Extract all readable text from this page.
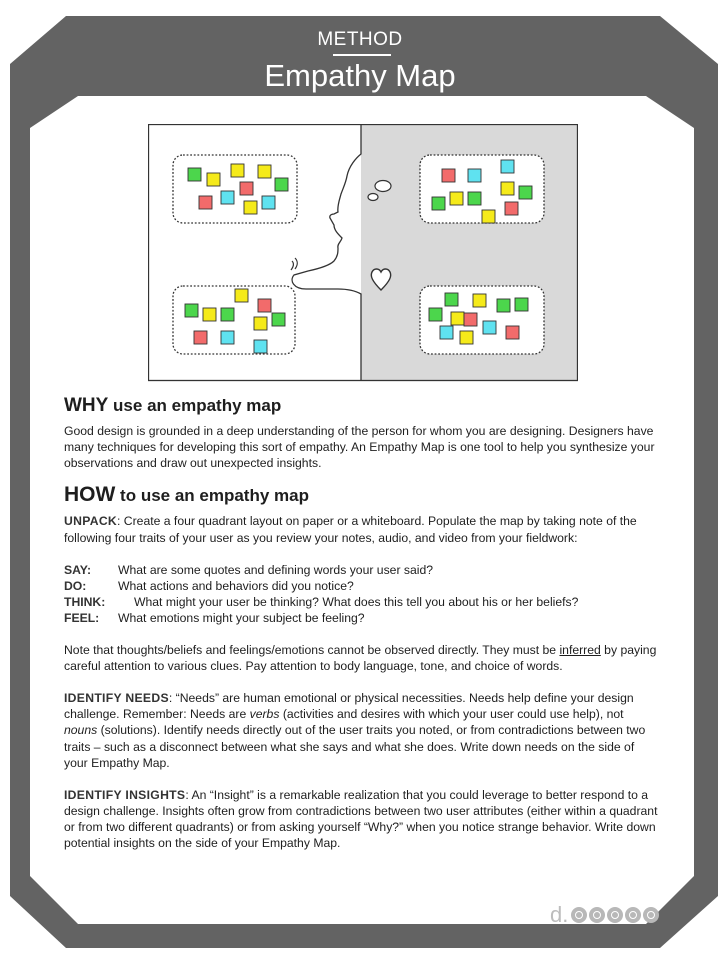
METHOD
Empathy Map
WHY use an empathy map

Good design is grounded in a deep understanding of the person for whom you are designing. Designers have many techniques for developing this sort of empathy. An Empathy Map is one tool to help you synthesize your observations and draw out unexpected insights.

HOW to use an empathy map

UNPACK: Create a four quadrant layout on paper or a whiteboard. Populate the map by taking note of the following four traits of your user as you review your notes, audio, and video from your fieldwork:

SAY:	What are some quotes and defining words your user said?
DO:	What actions and behaviors did you notice?
THINK:	What might your user be thinking? What does this tell you about his or her beliefs?
FEEL:	What emotions might your subject be feeling?

Note that thoughts/beliefs and feelings/emotions cannot be observed directly. They must be inferred by paying careful attention to various clues. Pay attention to body language, tone, and choice of words.

IDENTIFY NEEDS: “Needs” are human emotional or physical necessities. Needs help define your design challenge. Remember: Needs are verbs (activities and desires with which your user could use help), not nouns (solutions). Identify needs directly out of the user traits you noted, or from contradictions between two traits – such as a disconnect between what she says and what she does. Write down needs on the side of your Empathy Map.

IDENTIFY INSIGHTS: An “Insight” is a remarkable realization that you could leverage to better respond to a design challenge. Insights often grow from contradictions between two user attributes (either within a quadrant or from two different quadrants) or from asking yourself “Why?” when you notice strange behavior. Write down potential insights on the side of your Empathy Map.

d.
